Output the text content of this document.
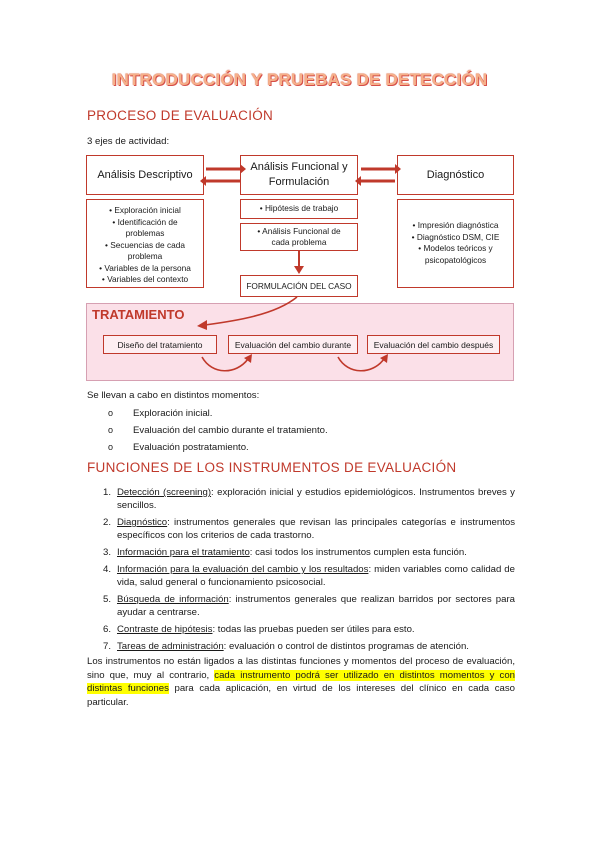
INTRODUCCIÓN Y PRUEBAS DE DETECCIÓN
PROCESO DE EVALUACIÓN
3 ejes de actividad:
Análisis Descriptivo
Análisis Funcional y Formulación
Diagnóstico
• Exploración inicial
• Identificación de problemas
• Secuencias de cada problema
• Variables de la persona
• Variables del contexto
• Hipótesis de trabajo
• Análisis Funcional de cada problema
FORMULACIÓN DEL CASO
• Impresión diagnóstica
• Diagnóstico DSM, CIE
• Modelos teóricos y psicopatológicos
TRATAMIENTO
Diseño del tratamiento	Evaluación del cambio durante	Evaluación del cambio después
Se llevan a cabo en distintos momentos:
o Exploración inicial.
o Evaluación del cambio durante el tratamiento.
o Evaluación postratamiento.
FUNCIONES DE LOS INSTRUMENTOS DE EVALUACIÓN
1. Detección (screening): exploración inicial y estudios epidemiológicos. Instrumentos breves y sencillos.
2. Diagnóstico: instrumentos generales que revisan las principales categorías e instrumentos específicos con los criterios de cada trastorno.
3. Información para el tratamiento: casi todos los instrumentos cumplen esta función.
4. Información para la evaluación del cambio y los resultados: miden variables como calidad de vida, salud general o funcionamiento psicosocial.
5. Búsqueda de información: instrumentos generales que realizan barridos por sectores para ayudar a centrarse.
6. Contraste de hipótesis: todas las pruebas pueden ser útiles para esto.
7. Tareas de administración: evaluación o control de distintos programas de atención.

Los instrumentos no están ligados a las distintas funciones y momentos del proceso de evaluación, sino que, muy al contrario, cada instrumento podrá ser utilizado en distintos momentos y con distintas funciones para cada aplicación, en virtud de los intereses del clínico en cada caso particular.
